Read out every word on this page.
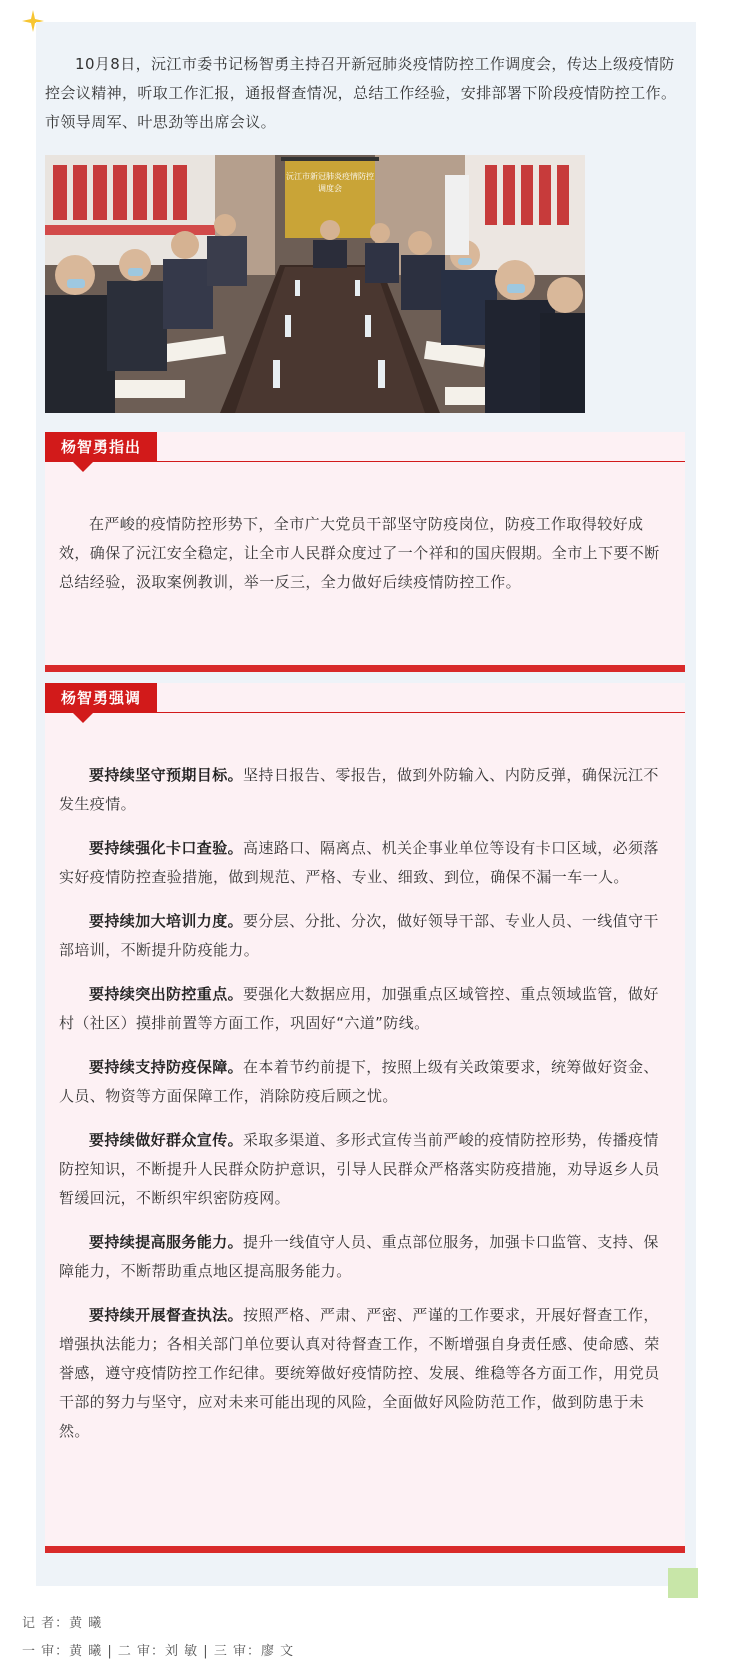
10月8日，沅江市委书记杨智勇主持召开新冠肺炎疫情防控工作调度会，传达上级疫情防控会议精神，听取工作汇报，通报督查情况，总结工作经验，安排部署下阶段疫情防控工作。市领导周军、叶思劲等出席会议。

沅江市新冠肺炎疫情防控
调度会
杨智勇指出

在严峻的疫情防控形势下，全市广大党员干部坚守防疫岗位，防疫工作取得较好成效，确保了沅江安全稳定，让全市人民群众度过了一个祥和的国庆假期。全市上下要不断总结经验，汲取案例教训，举一反三，全力做好后续疫情防控工作。

杨智勇强调

要持续坚守预期目标。坚持日报告、零报告，做到外防输入、内防反弹，确保沅江不发生疫情。

要持续强化卡口查验。高速路口、隔离点、机关企事业单位等设有卡口区域，必须落实好疫情防控查验措施，做到规范、严格、专业、细致、到位，确保不漏一车一人。

要持续加大培训力度。要分层、分批、分次，做好领导干部、专业人员、一线值守干部培训，不断提升防疫能力。

要持续突出防控重点。要强化大数据应用，加强重点区域管控、重点领域监管，做好村（社区）摸排前置等方面工作，巩固好“六道”防线。

要持续支持防疫保障。在本着节约前提下，按照上级有关政策要求，统筹做好资金、人员、物资等方面保障工作，消除防疫后顾之忧。

要持续做好群众宣传。采取多渠道、多形式宣传当前严峻的疫情防控形势，传播疫情防控知识，不断提升人民群众防护意识，引导人民群众严格落实防疫措施，劝导返乡人员暂缓回沅，不断织牢织密防疫网。

要持续提高服务能力。提升一线值守人员、重点部位服务，加强卡口监管、支持、保障能力，不断帮助重点地区提高服务能力。

要持续开展督查执法。按照严格、严肃、严密、严谨的工作要求，开展好督查工作，增强执法能力；各相关部门单位要认真对待督查工作，不断增强自身责任感、使命感、荣誉感，遵守疫情防控工作纪律。要统筹做好疫情防控、发展、维稳等各方面工作，用党员干部的努力与坚守，应对未来可能出现的风险，全面做好风险防范工作，做到防患于未然。

记 者：黄 曦
一 审：黄 曦 | 二 审：刘 敏 | 三 审：廖 文
